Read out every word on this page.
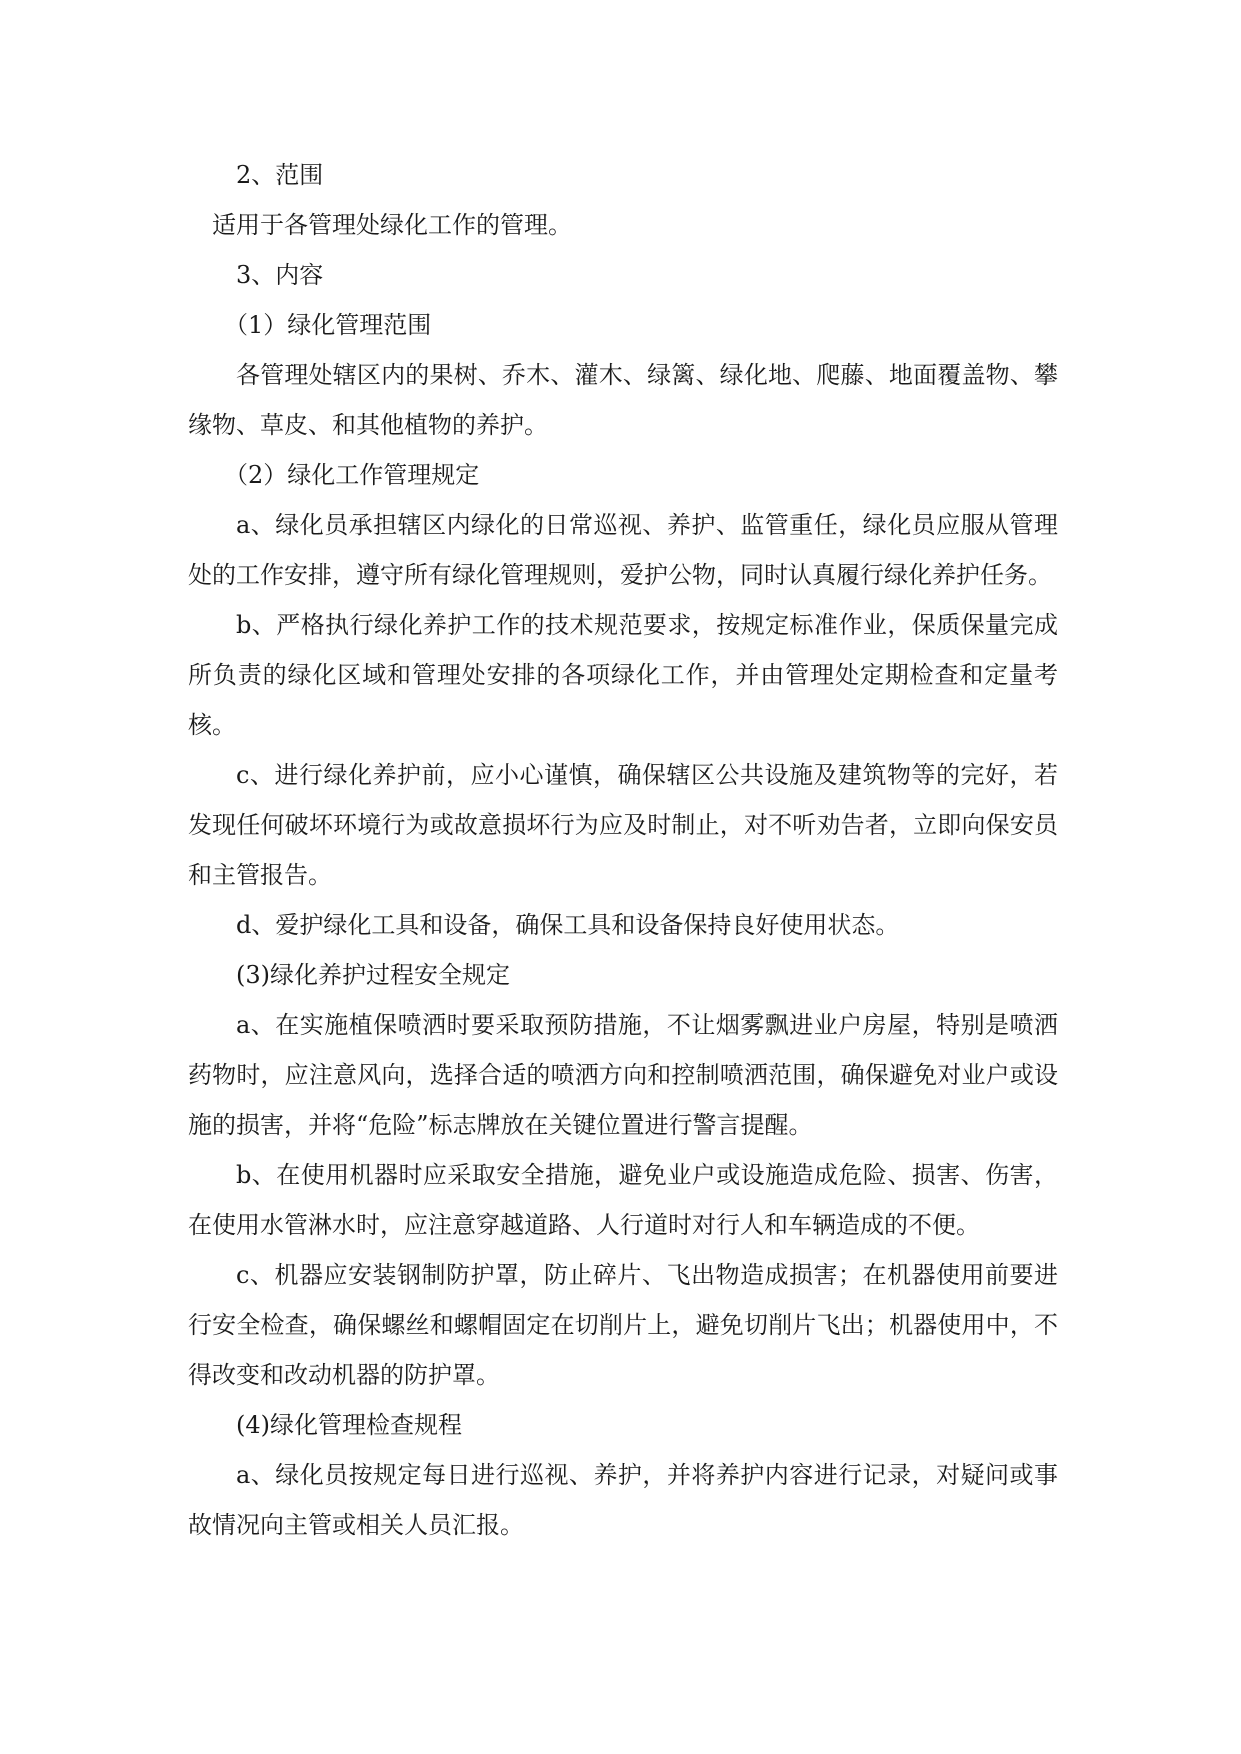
2、范围

适用于各管理处绿化工作的管理。

3、内容

（1）绿化管理范围

各管理处辖区内的果树、乔木、灌木、绿篱、绿化地、爬藤、地面覆盖物、攀缘物、草皮、和其他植物的养护。

（2）绿化工作管理规定

a、绿化员承担辖区内绿化的日常巡视、养护、监管重任，绿化员应服从管理处的工作安排，遵守所有绿化管理规则，爱护公物，同时认真履行绿化养护任务。

b、严格执行绿化养护工作的技术规范要求，按规定标准作业，保质保量完成所负责的绿化区域和管理处安排的各项绿化工作，并由管理处定期检查和定量考核。

c、进行绿化养护前，应小心谨慎，确保辖区公共设施及建筑物等的完好，若发现任何破坏环境行为或故意损坏行为应及时制止，对不听劝告者，立即向保安员和主管报告。

d、爱护绿化工具和设备，确保工具和设备保持良好使用状态。

(3)绿化养护过程安全规定

a、在实施植保喷洒时要采取预防措施，不让烟雾飘进业户房屋，特别是喷洒药物时，应注意风向，选择合适的喷洒方向和控制喷洒范围，确保避免对业户或设施的损害，并将“危险”标志牌放在关键位置进行警言提醒。

b、在使用机器时应采取安全措施，避免业户或设施造成危险、损害、伤害，在使用水管淋水时，应注意穿越道路、人行道时对行人和车辆造成的不便。

c、机器应安装钢制防护罩，防止碎片、飞出物造成损害；在机器使用前要进行安全检查，确保螺丝和螺帽固定在切削片上，避免切削片飞出；机器使用中，不得改变和改动机器的防护罩。

(4)绿化管理检查规程

a、绿化员按规定每日进行巡视、养护，并将养护内容进行记录，对疑问或事故情况向主管或相关人员汇报。
